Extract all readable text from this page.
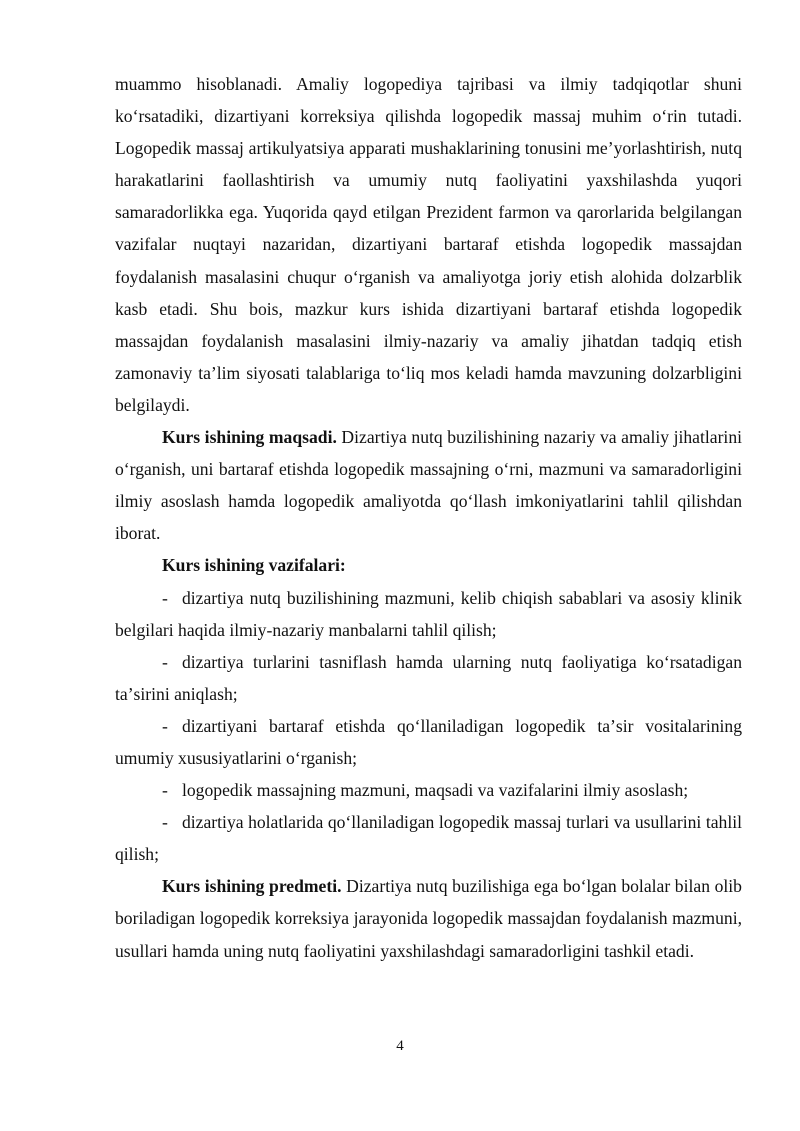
muammo hisoblanadi. Amaliy logopediya tajribasi va ilmiy tadqiqotlar shuni koʻrsatadiki, dizartiyani korreksiya qilishda logopedik massaj muhim oʻrin tutadi. Logopedik massaj artikulyatsiya apparati mushaklarining tonusini meʼyorlashtirish, nutq harakatlarini faollashtirish va umumiy nutq faoliyatini yaxshilashda yuqori samaradorlikka ega. Yuqorida qayd etilgan Prezident farmon va qarorlarida belgilangan vazifalar nuqtayi nazaridan, dizartiyani bartaraf etishda logopedik massajdan foydalanish masalasini chuqur oʻrganish va amaliyotga joriy etish alohida dolzarblik kasb etadi. Shu bois, mazkur kurs ishida dizartiyani bartaraf etishda logopedik massajdan foydalanish masalasini ilmiy-nazariy va amaliy jihatdan tadqiq etish zamonaviy taʼlim siyosati talablariga toʻliq mos keladi hamda mavzuning dolzarbligini belgilaydi.

Kurs ishining maqsadi. Dizartiya nutq buzilishining nazariy va amaliy jihatlarini oʻrganish, uni bartaraf etishda logopedik massajning oʻrni, mazmuni va samaradorligini ilmiy asoslash hamda logopedik amaliyotda qoʻllash imkoniyatlarini tahlil qilishdan iborat.

Kurs ishining vazifalari:

- dizartiya nutq buzilishining mazmuni, kelib chiqish sabablari va asosiy klinik belgilari haqida ilmiy-nazariy manbalarni tahlil qilish;

- dizartiya turlarini tasniflash hamda ularning nutq faoliyatiga koʻrsatadigan taʼsirini aniqlash;

- dizartiyani bartaraf etishda qoʻllaniladigan logopedik taʼsir vositalarining umumiy xususiyatlarini oʻrganish;

- logopedik massajning mazmuni, maqsadi va vazifalarini ilmiy asoslash;

- dizartiya holatlarida qoʻllaniladigan logopedik massaj turlari va usullarini tahlil qilish;

Kurs ishining predmeti. Dizartiya nutq buzilishiga ega boʻlgan bolalar bilan olib boriladigan logopedik korreksiya jarayonida logopedik massajdan foydalanish mazmuni, usullari hamda uning nutq faoliyatini yaxshilashdagi samaradorligini tashkil etadi.

4
